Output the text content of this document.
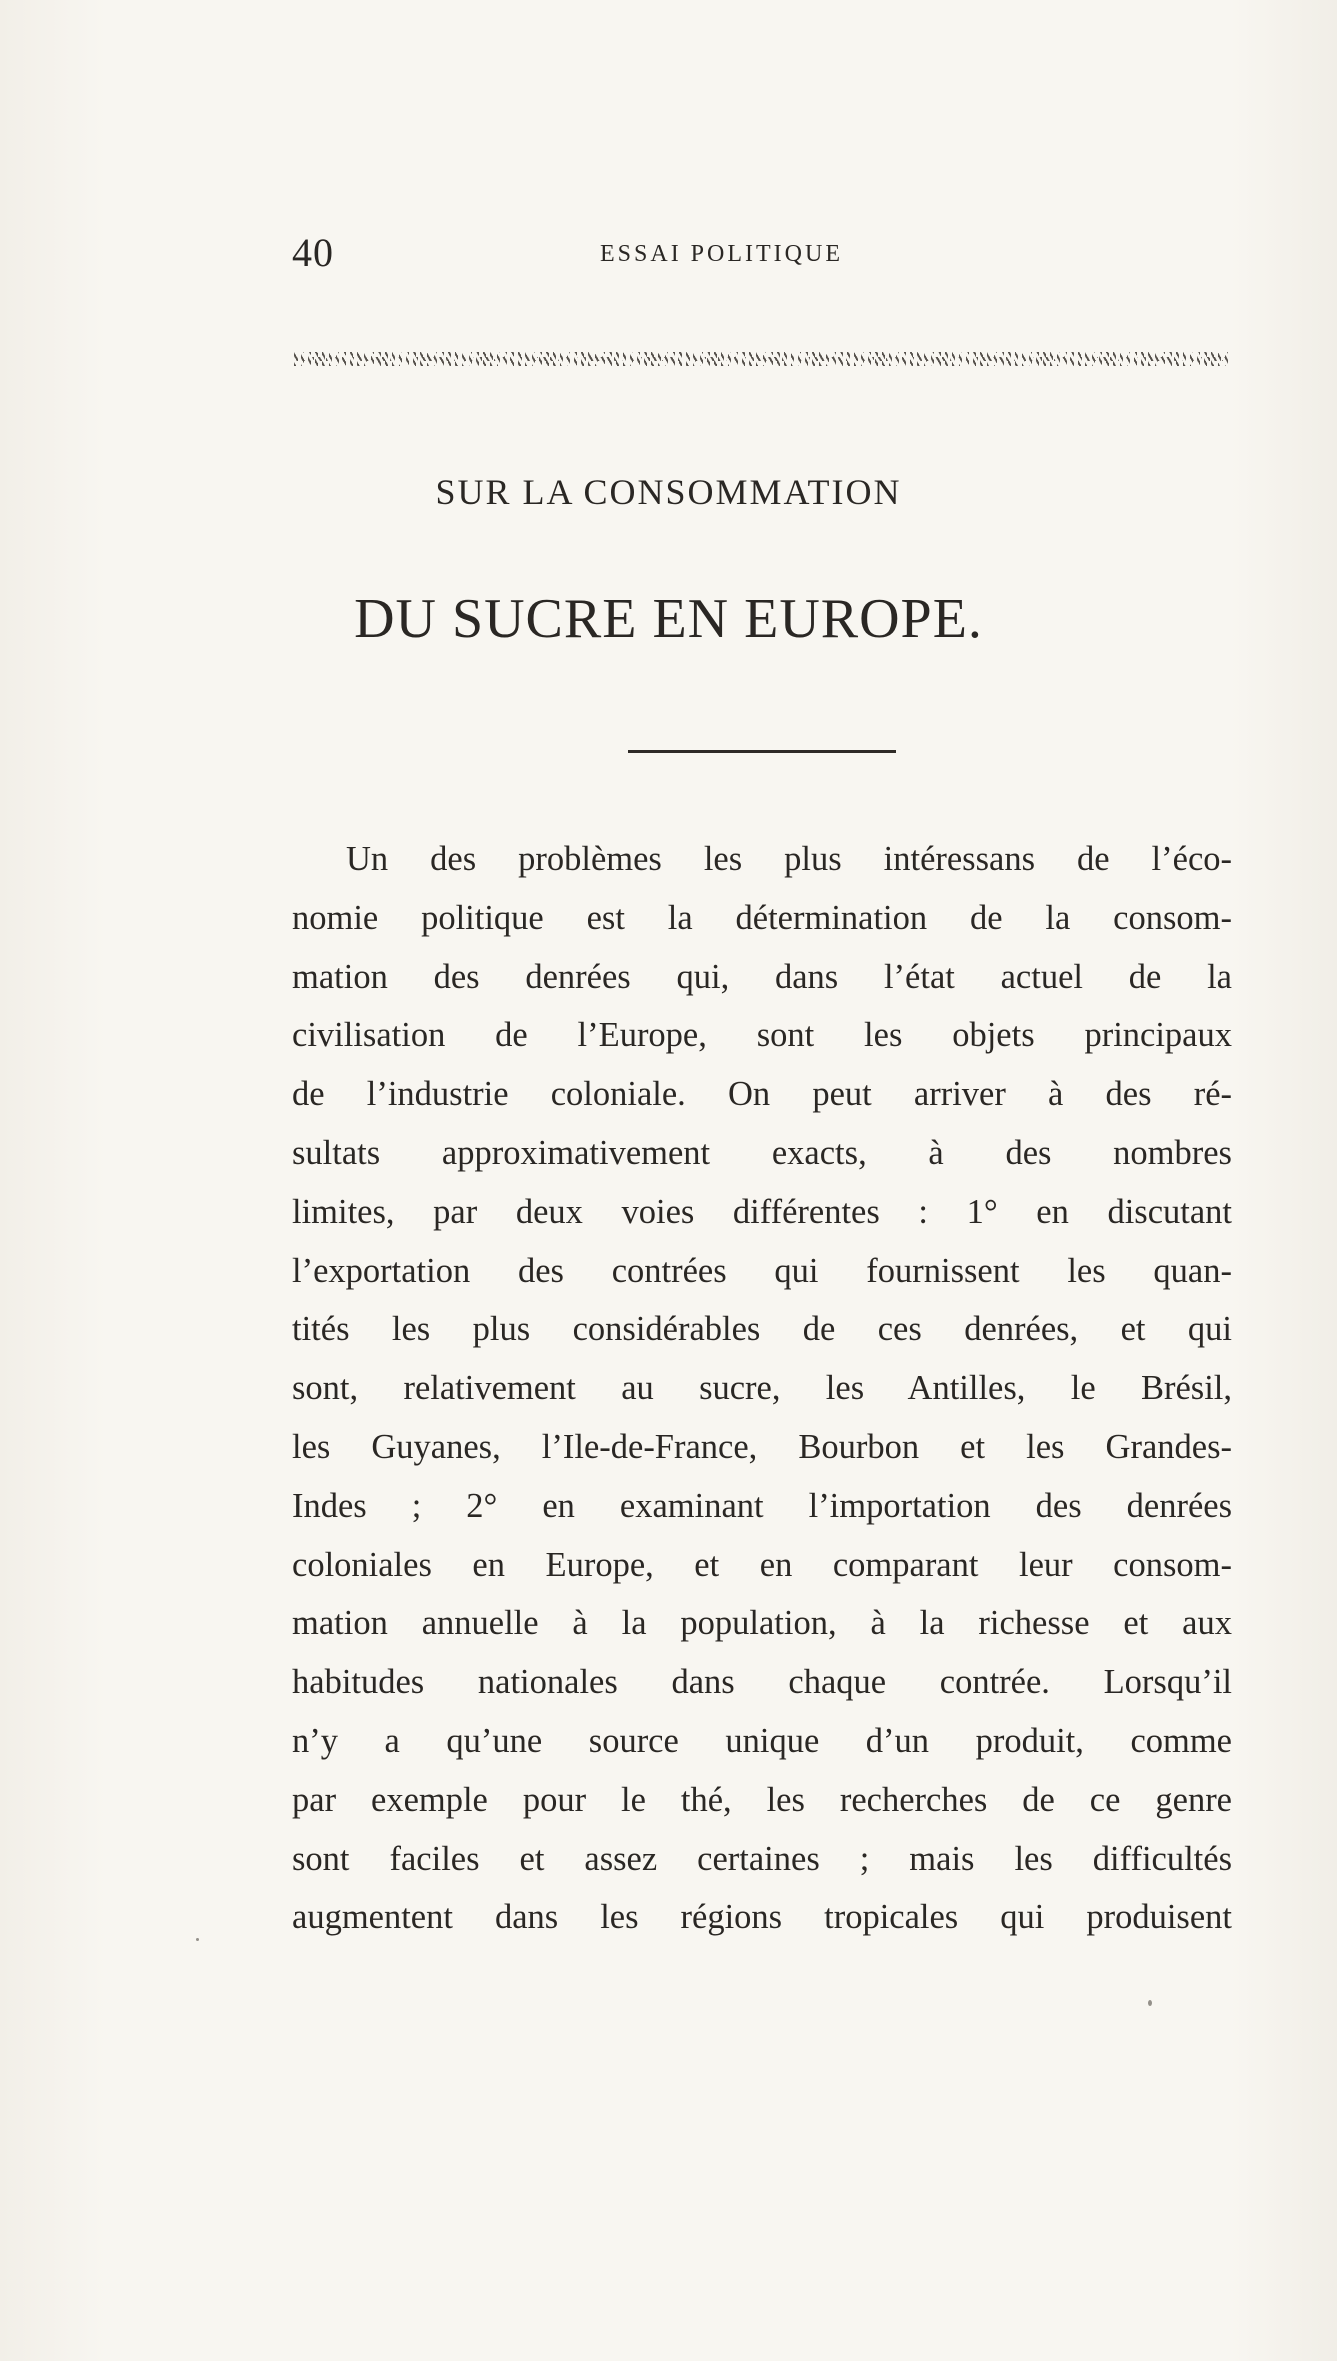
40	ESSAI POLITIQUE
SUR LA CONSOMMATION
DU SUCRE EN EUROPE.
Un des problèmes les plus intéressans de l’éco-
nomie politique est la détermination de la consom-
mation des denrées qui, dans l’état actuel de la
civilisation de l’Europe, sont les objets principaux
de l’industrie coloniale. On peut arriver à des ré-
sultats approximativement exacts, à des nombres
limites, par deux voies différentes : 1° en discutant
l’exportation des contrées qui fournissent les quan-
tités les plus considérables de ces denrées, et qui
sont, relativement au sucre, les Antilles, le Brésil,
les Guyanes, l’Ile-de-France, Bourbon et les Grandes-
Indes ; 2° en examinant l’importation des denrées
coloniales en Europe, et en comparant leur consom-
mation annuelle à la population, à la richesse et aux
habitudes nationales dans chaque contrée. Lorsqu’il
n’y a qu’une source unique d’un produit, comme
par exemple pour le thé, les recherches de ce genre
sont faciles et assez certaines ; mais les difficultés
augmentent dans les régions tropicales qui produisent
